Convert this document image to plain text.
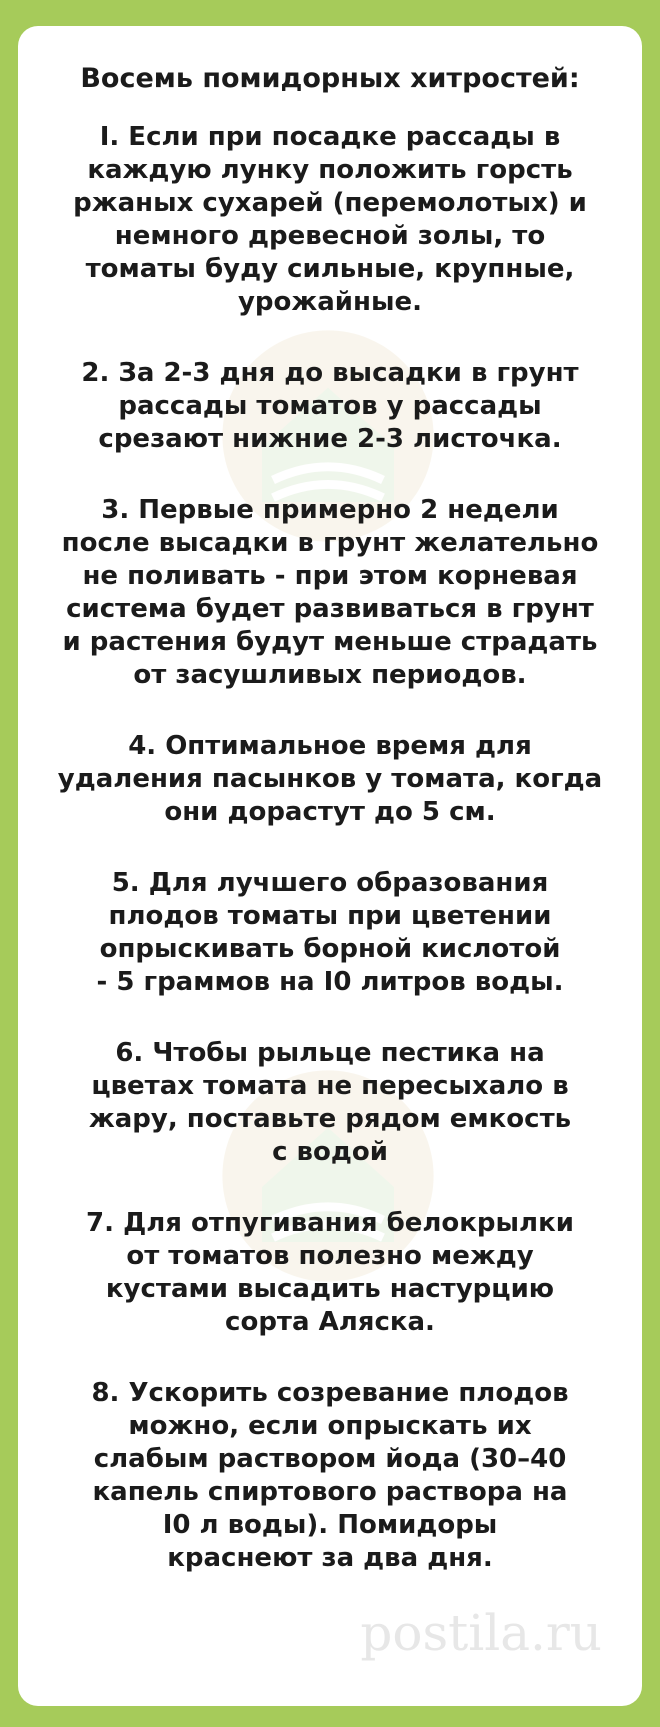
Восемь помидорных хитростей:
I. Если при посадке рассады в
каждую лунку положить горсть
ржаных сухарей (перемолотых) и
немного древесной золы, то
томаты буду сильные, крупные,
урожайные.
2. За 2-3 дня до высадки в грунт
рассады томатов у рассады
срезают нижние 2-3 листочка.
3. Первые примерно 2 недели
после высадки в грунт желательно
не поливать - при этом корневая
система будет развиваться в грунт
и растения будут меньше страдать
от засушливых периодов.
4. Оптимальное время для
удаления пасынков у томата, когда
они дорастут до 5 см.
5. Для лучшего образования
плодов томаты при цветении
опрыскивать борной кислотой
- 5 граммов на I0 литров воды.
6. Чтобы рыльце пестика на
цветах томата не пересыхало в
жару, поставьте рядом емкость
с водой
7. Для отпугивания белокрылки
от томатов полезно между
кустами высадить настурцию
сорта Аляска.
8. Ускорить созревание плодов
можно, если опрыскать их
слабым раствором йода (30–40
капель спиртового раствора на
I0 л воды). Помидоры
краснеют за два дня.
postila.ru
